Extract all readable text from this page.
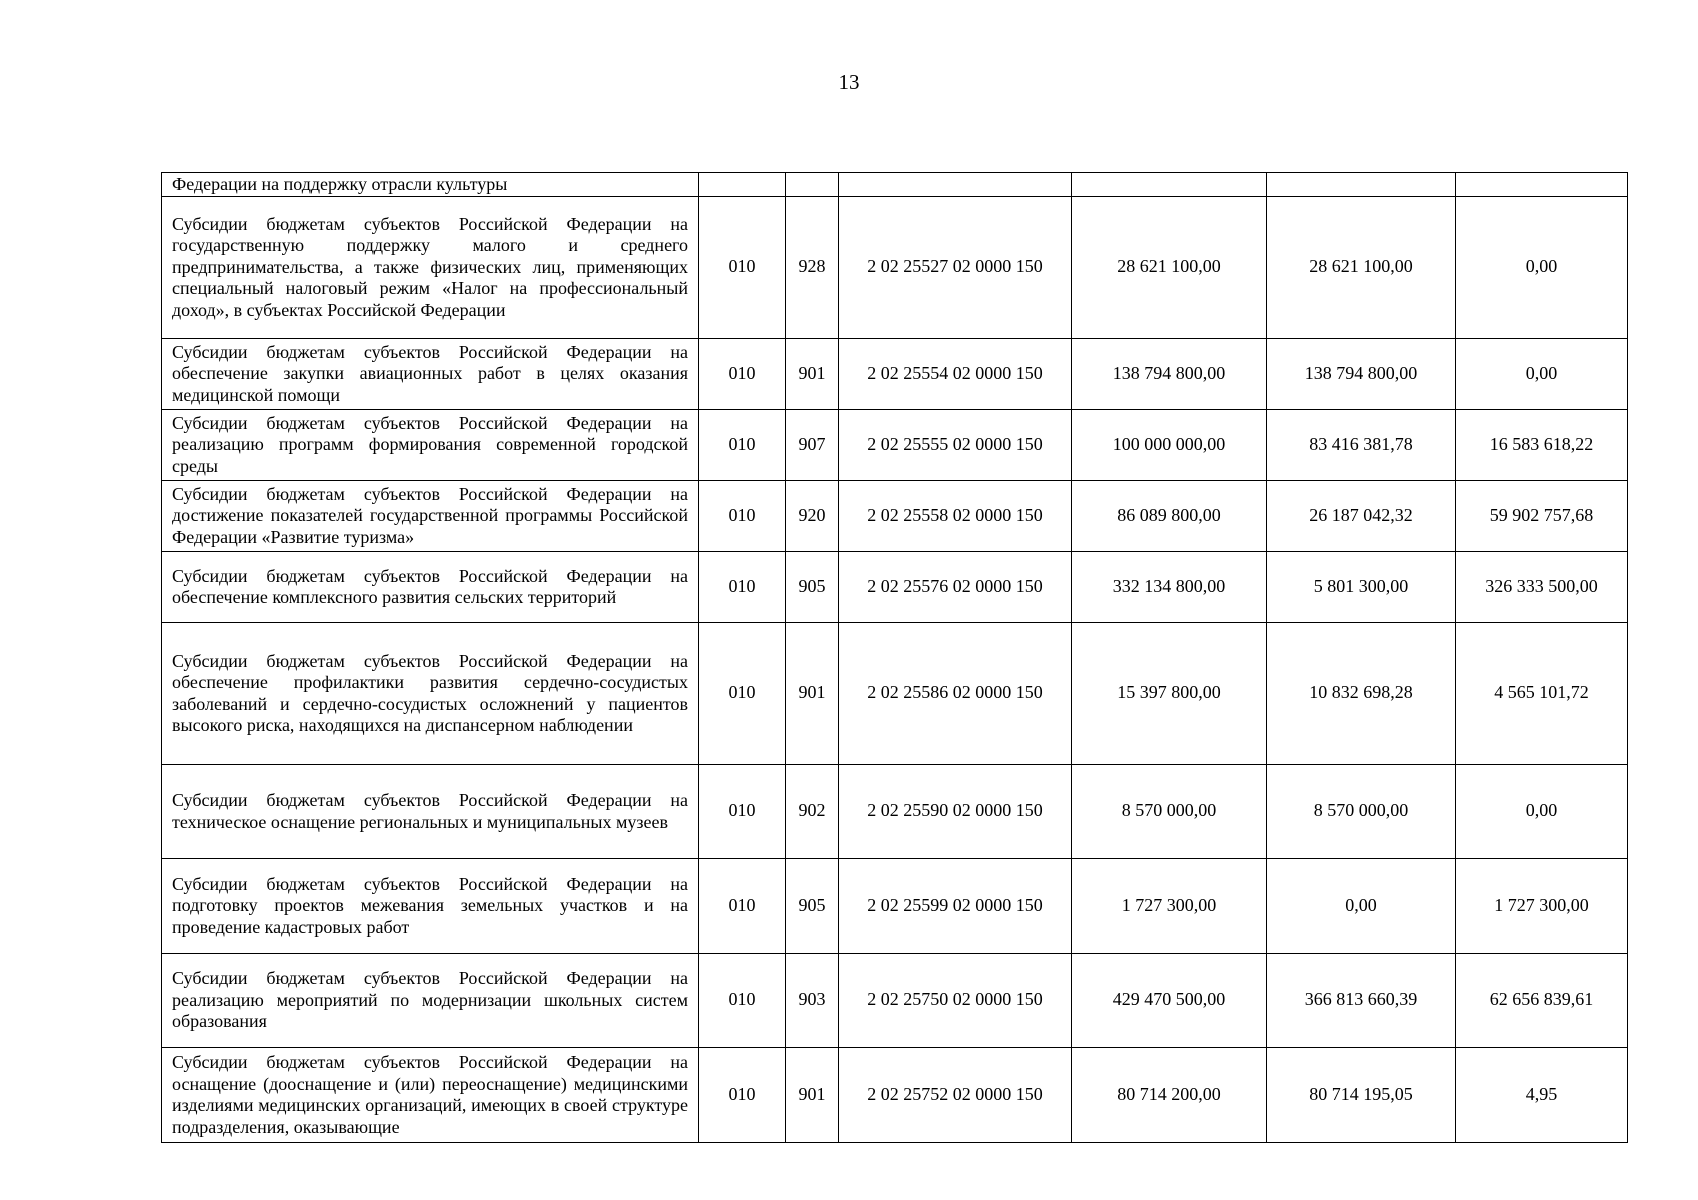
13
Федерации на поддержку отрасли культуры						
Субсидии бюджетам субъектов Российской Федерации на государственную поддержку малого и среднего предпринимательства, а также физических лиц, применяющих специальный налоговый режим «Налог на профессиональный доход», в субъектах Российской Федерации	010	928	2 02 25527 02 0000 150	28 621 100,00	28 621 100,00	0,00
Субсидии бюджетам субъектов Российской Федерации на обеспечение закупки авиационных работ в целях оказания медицинской помощи	010	901	2 02 25554 02 0000 150	138 794 800,00	138 794 800,00	0,00
Субсидии бюджетам субъектов Российской Федерации на реализацию программ формирования современной городской среды	010	907	2 02 25555 02 0000 150	100 000 000,00	83 416 381,78	16 583 618,22
Субсидии бюджетам субъектов Российской Федерации на достижение показателей государственной программы Российской Федерации «Развитие туризма»	010	920	2 02 25558 02 0000 150	86 089 800,00	26 187 042,32	59 902 757,68
Субсидии бюджетам субъектов Российской Федерации на обеспечение комплексного развития сельских территорий	010	905	2 02 25576 02 0000 150	332 134 800,00	5 801 300,00	326 333 500,00
Субсидии бюджетам субъектов Российской Федерации на обеспечение профилактики развития сердечно-сосудистых заболеваний и сердечно-сосудистых осложнений у пациентов высокого риска, находящихся на диспансерном наблюдении	010	901	2 02 25586 02 0000 150	15 397 800,00	10 832 698,28	4 565 101,72
Субсидии бюджетам субъектов Российской Федерации на техническое оснащение региональных и муниципальных музеев	010	902	2 02 25590 02 0000 150	8 570 000,00	8 570 000,00	0,00
Субсидии бюджетам субъектов Российской Федерации на подготовку проектов межевания земельных участков и на проведение кадастровых работ	010	905	2 02 25599 02 0000 150	1 727 300,00	0,00	1 727 300,00
Субсидии бюджетам субъектов Российской Федерации на реализацию мероприятий по модернизации школьных систем образования	010	903	2 02 25750 02 0000 150	429 470 500,00	366 813 660,39	62 656 839,61
Субсидии бюджетам субъектов Российской Федерации на оснащение (дооснащение и (или) переоснащение) медицинскими изделиями медицинских организаций, имеющих в своей структуре подразделения, оказывающие	010	901	2 02 25752 02 0000 150	80 714 200,00	80 714 195,05	4,95
